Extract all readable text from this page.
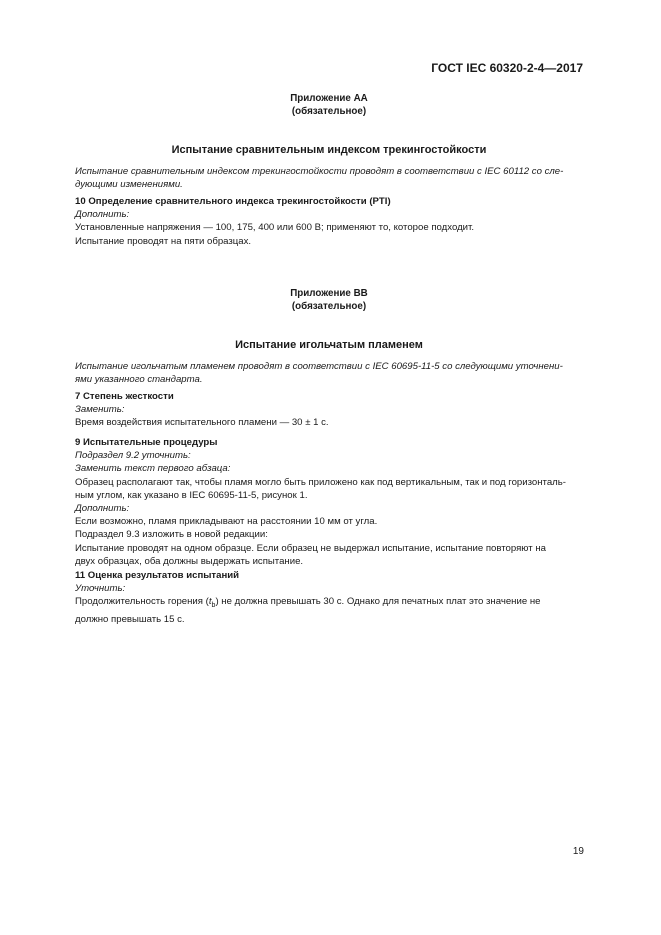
ГОСТ IEC 60320-2-4—2017
Приложение АА
(обязательное)
Испытание сравнительным индексом трекингостойкости
Испытание сравнительным индексом трекингостойкости проводят в соответствии с IEC 60112 со сле-
дующими изменениями.

10 Определение сравнительного индекса трекингостойкости (PTI)

Дополнить:

Установленные напряжения — 100, 175, 400 или 600 В; применяют то, которое подходит.

Испытание проводят на пяти образцах.

Приложение ВВ
(обязательное)
Испытание игольчатым пламенем
Испытание игольчатым пламенем проводят в соответствии с IEC 60695-11-5 со следующими уточнени-
ями указанного стандарта.

7 Степень жесткости

Заменить:

Время воздействия испытательного пламени — 30 ± 1 с.

9 Испытательные процедуры

Подраздел 9.2 уточнить:

Заменить текст первого абзаца:

Образец располагают так, чтобы пламя могло быть приложено как под вертикальным, так и под горизонталь-
ным углом, как указано в IEC 60695-11-5, рисунок 1.

Дополнить:

Если возможно, пламя прикладывают на расстоянии 10 мм от угла.

Подраздел 9.3 изложить в новой редакции:

Испытание проводят на одном образце. Если образец не выдержал испытание, испытание повторяют на
двух образцах, оба должны выдержать испытание.

11 Оценка результатов испытаний

Уточнить:

Продолжительность горения $(t_b)$ не должна превышать 30 с. Однако для печатных плат это значение не
должно превышать 15 с.
19
